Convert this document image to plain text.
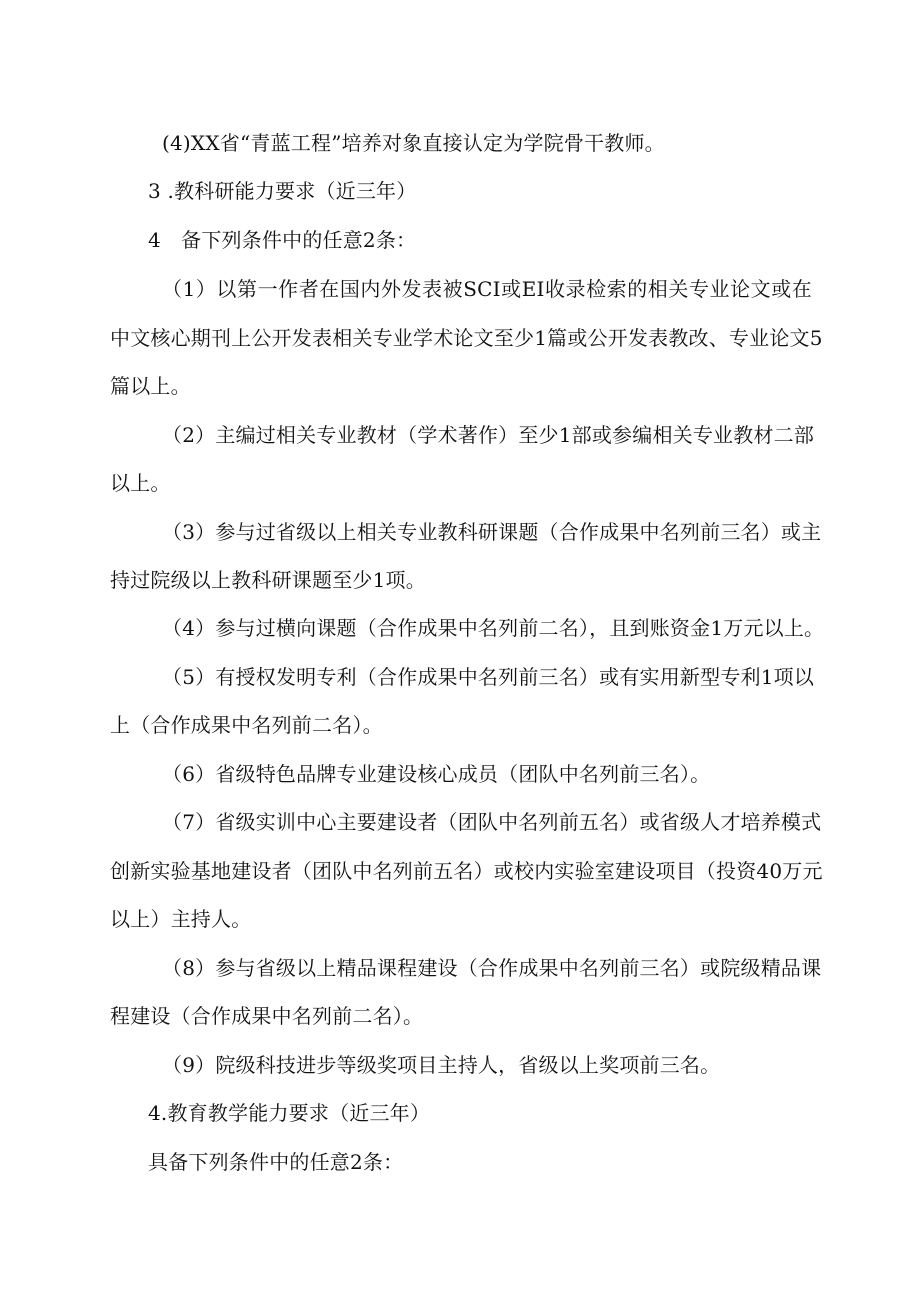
(4)XX省“青蓝工程”培养对象直接认定为学院骨干教师。
3 .教科研能力要求（近三年）
4　备下列条件中的任意2条：
（1）以第一作者在国内外发表被SCI或EI收录检索的相关专业论文或在
中文核心期刊上公开发表相关专业学术论文至少1篇或公开发表教改、专业论文5
篇以上。
（2）主编过相关专业教材（学术著作）至少1部或参编相关专业教材二部
以上。
（3）参与过省级以上相关专业教科研课题（合作成果中名列前三名）或主
持过院级以上教科研课题至少1项。
（4）参与过横向课题（合作成果中名列前二名），且到账资金1万元以上。
（5）有授权发明专利（合作成果中名列前三名）或有实用新型专利1项以
上（合作成果中名列前二名）。
（6）省级特色品牌专业建设核心成员（团队中名列前三名）。
（7）省级实训中心主要建设者（团队中名列前五名）或省级人才培养模式
创新实验基地建设者（团队中名列前五名）或校内实验室建设项目（投资40万元
以上）主持人。
（8）参与省级以上精品课程建设（合作成果中名列前三名）或院级精品课
程建设（合作成果中名列前二名）。
（9）院级科技进步等级奖项目主持人，省级以上奖项前三名。
4.教育教学能力要求（近三年）
具备下列条件中的任意2条：
